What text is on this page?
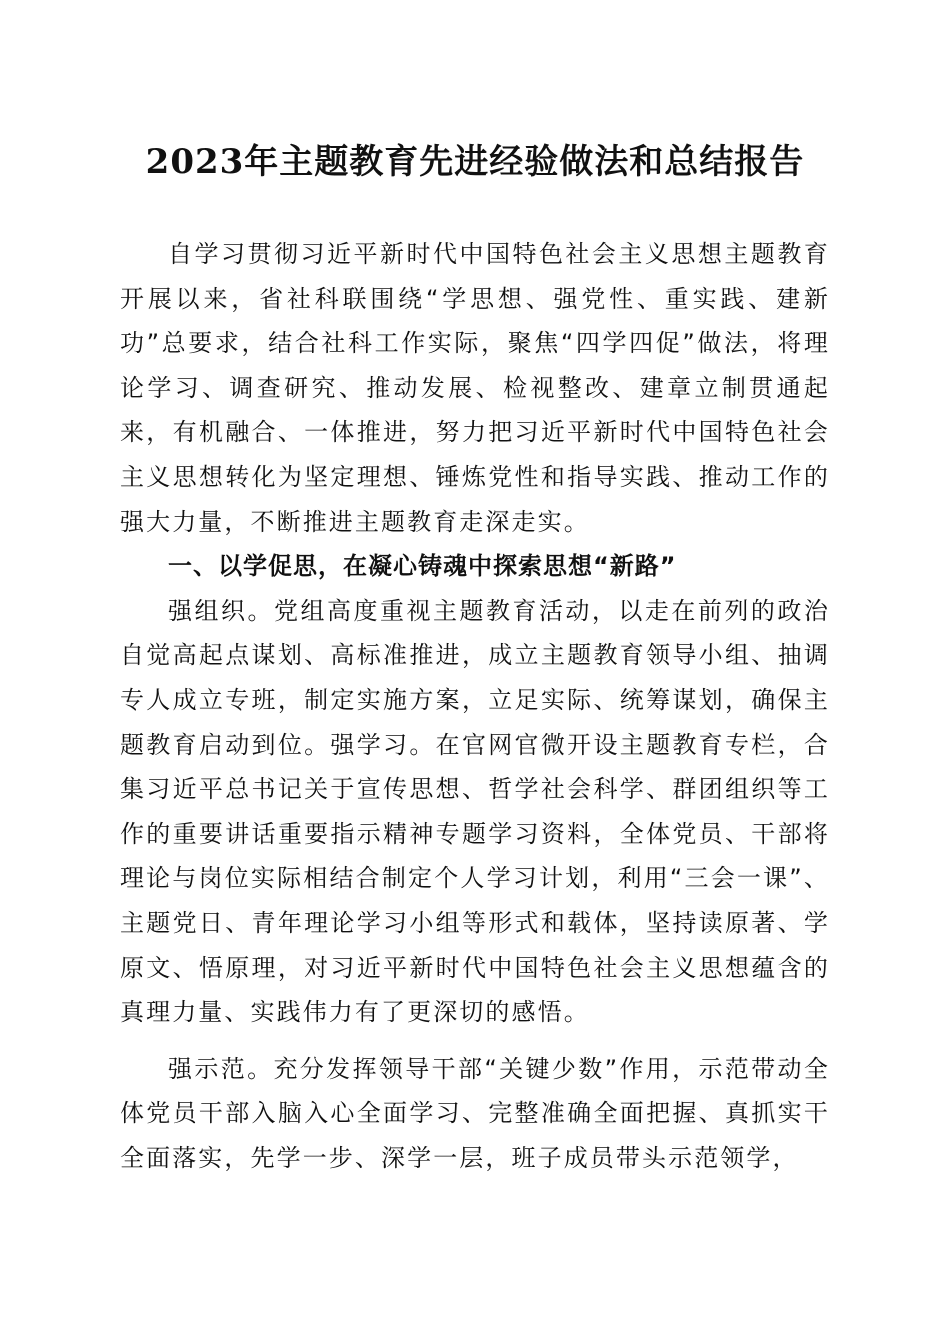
2023年主题教育先进经验做法和总结报告

自学习贯彻习近平新时代中国特色社会主义思想主题教育开展以来，省社科联围绕“学思想、强党性、重实践、建新功”总要求，结合社科工作实际，聚焦“四学四促”做法，将理论学习、调查研究、推动发展、检视整改、建章立制贯通起来，有机融合、一体推进，努力把习近平新时代中国特色社会主义思想转化为坚定理想、锤炼党性和指导实践、推动工作的强大力量，不断推进主题教育走深走实。

一、以学促思，在凝心铸魂中探索思想“新路”

强组织。党组高度重视主题教育活动，以走在前列的政治自觉高起点谋划、高标准推进，成立主题教育领导小组、抽调专人成立专班，制定实施方案，立足实际、统筹谋划，确保主题教育启动到位。强学习。在官网官微开设主题教育专栏，合集习近平总书记关于宣传思想、哲学社会科学、群团组织等工作的重要讲话重要指示精神专题学习资料，全体党员、干部将理论与岗位实际相结合制定个人学习计划，利用“三会一课”、主题党日、青年理论学习小组等形式和载体，坚持读原著、学原文、悟原理，对习近平新时代中国特色社会主义思想蕴含的真理力量、实践伟力有了更深切的感悟。

强示范。充分发挥领导干部“关键少数”作用，示范带动全体党员干部入脑入心全面学习、完整准确全面把握、真抓实干全面落实，先学一步、深学一层，班子成员带头示范领学，
